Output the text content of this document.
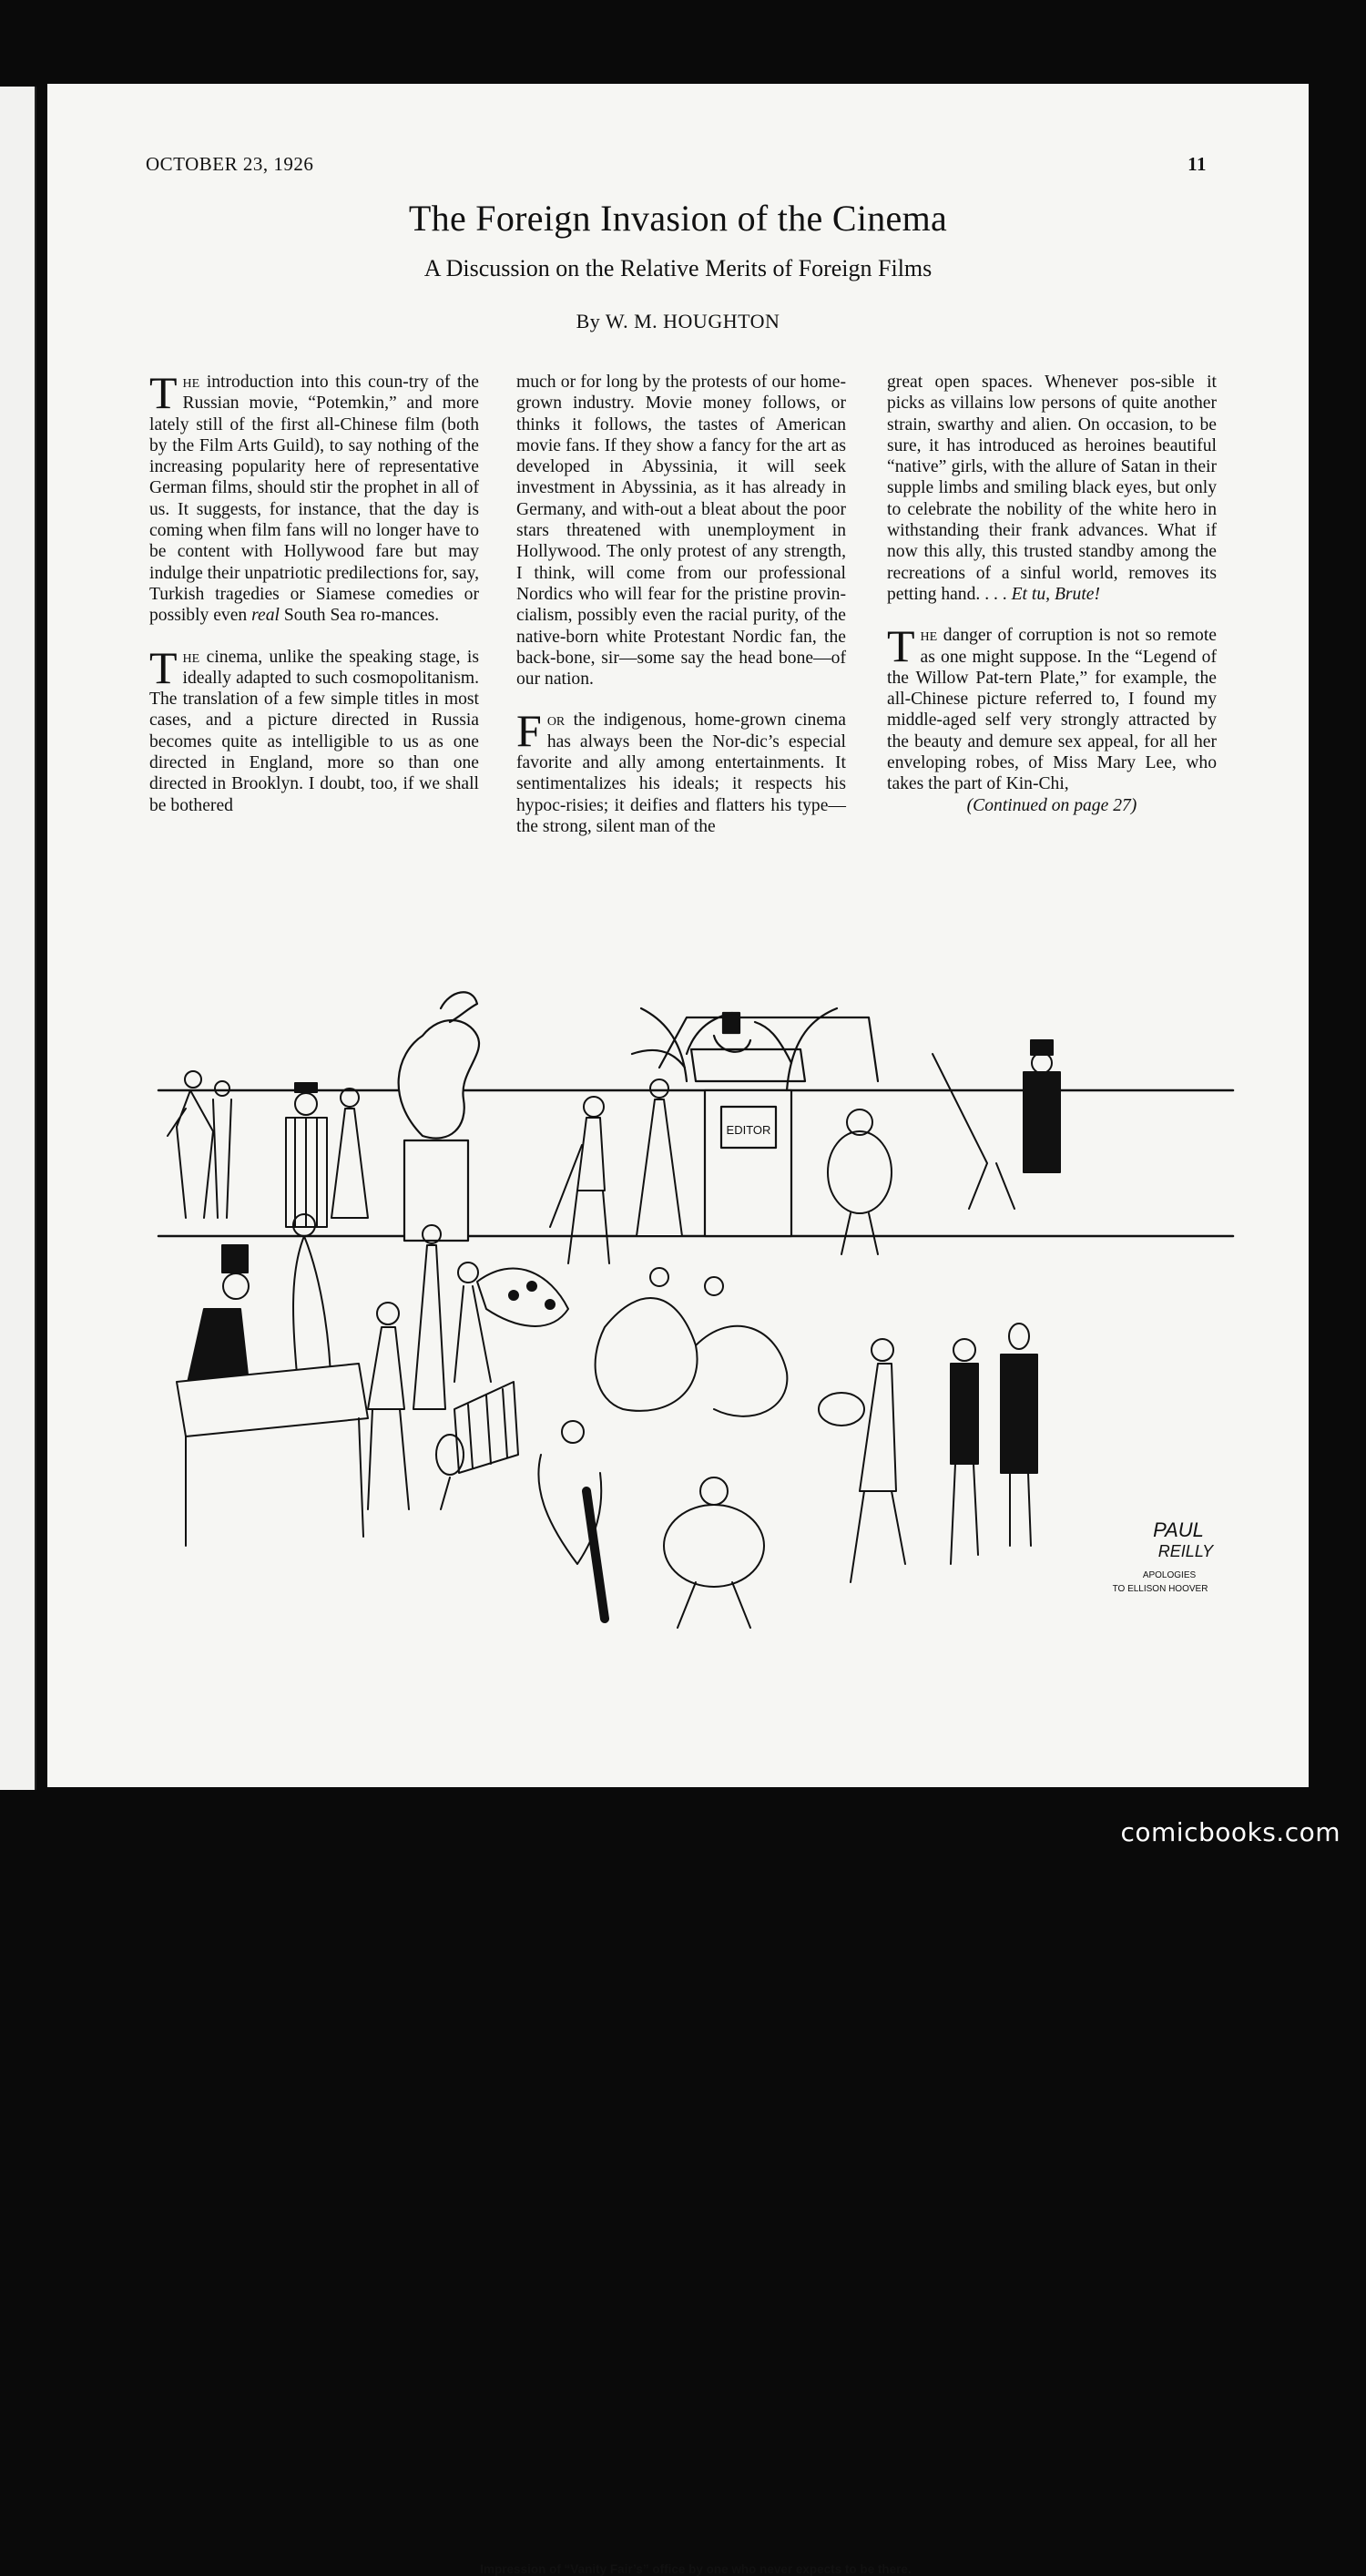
OCTOBER 23, 1926	11
The Foreign Invasion of the Cinema
A Discussion on the Relative Merits of Foreign Films
By W. M. HOUGHTON

The introduction into this coun-try of the Russian movie, “Potemkin,” and more lately still of the first all-Chinese film (both by the Film Arts Guild), to say nothing of the increasing popularity here of representative German films, should stir the prophet in all of us. It suggests, for instance, that the day is coming when film fans will no longer have to be content with Hollywood fare but may indulge their unpatriotic predilections for, say, Turkish tragedies or Siamese comedies or possibly even real South Sea ro-mances.

The cinema, unlike the speaking stage, is ideally adapted to such cosmopolitanism. The translation of a few simple titles in most cases, and a picture directed in Russia becomes quite as intelligible to us as one directed in England, more so than one directed in Brooklyn. I doubt, too, if we shall be bothered

much or for long by the protests of our home-grown industry. Movie money follows, or thinks it follows, the tastes of American movie fans. If they show a fancy for the art as developed in Abyssinia, it will seek investment in Abyssinia, as it has already in Germany, and with-out a bleat about the poor stars threatened with unemployment in Hollywood. The only protest of any strength, I think, will come from our professional Nordics who will fear for the pristine provin-cialism, possibly even the racial purity, of the native-born white Protestant Nordic fan, the back-bone, sir—some say the head bone—of our nation.

For the indigenous, home-grown cinema has always been the Nor-dic’s especial favorite and ally among entertainments. It sentimentalizes his ideals; it respects his hypoc-risies; it deifies and flatters his type—the strong, silent man of the

great open spaces. Whenever pos-sible it picks as villains low persons of quite another strain, swarthy and alien. On occasion, to be sure, it has introduced as heroines beautiful “native” girls, with the allure of Satan in their supple limbs and smiling black eyes, but only to celebrate the nobility of the white hero in withstanding their frank advances. What if now this ally, this trusted standby among the recreations of a sinful world, removes its petting hand. . . . Et tu, Brute!

The danger of corruption is not so remote as one might suppose. In the “Legend of the Willow Pat-tern Plate,” for example, the all-Chinese picture referred to, I found my middle-aged self very strongly attracted by the beauty and demure sex appeal, for all her enveloping robes, of Miss Mary Lee, who takes the part of Kin-Chi,
(Continued on page 27)

EDITOR
PAUL
REILLY
APOLOGIES
TO ELLISON HOOVER
Impression of “Vanity Fair’s” office by one who never expects to be there.
comicbooks.com
